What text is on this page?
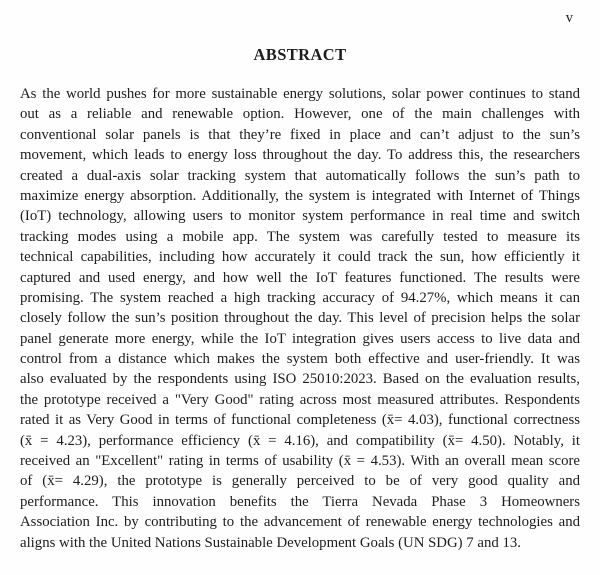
v
ABSTRACT
As the world pushes for more sustainable energy solutions, solar power continues to stand
out as a reliable and renewable option. However, one of the main challenges with
conventional solar panels is that they’re fixed in place and can’t adjust to the sun’s
movement, which leads to energy loss throughout the day. To address this, the researchers
created a dual-axis solar tracking system that automatically follows the sun’s path to
maximize energy absorption. Additionally, the system is integrated with Internet of Things
(IoT) technology, allowing users to monitor system performance in real time and switch
tracking modes using a mobile app. The system was carefully tested to measure its
technical capabilities, including how accurately it could track the sun, how efficiently it
captured and used energy, and how well the IoT features functioned. The results were
promising. The system reached a high tracking accuracy of 94.27%, which means it can
closely follow the sun’s position throughout the day. This level of precision helps the solar
panel generate more energy, while the IoT integration gives users access to live data and
control from a distance which makes the system both effective and user-friendly. It was
also evaluated by the respondents using ISO 25010:2023. Based on the evaluation results,
the prototype received a "Very Good" rating across most measured attributes. Respondents
rated it as Very Good in terms of functional completeness (x̄= 4.03), functional correctness
(x̄ = 4.23), performance efficiency (x̄ = 4.16), and compatibility (x̄= 4.50). Notably, it
received an "Excellent" rating in terms of usability (x̄ = 4.53). With an overall mean score
of (x̄= 4.29), the prototype is generally perceived to be of very good quality and
performance. This innovation benefits the Tierra Nevada Phase 3 Homeowners
Association Inc. by contributing to the advancement of renewable energy technologies and
aligns with the United Nations Sustainable Development Goals (UN SDG) 7 and 13.
